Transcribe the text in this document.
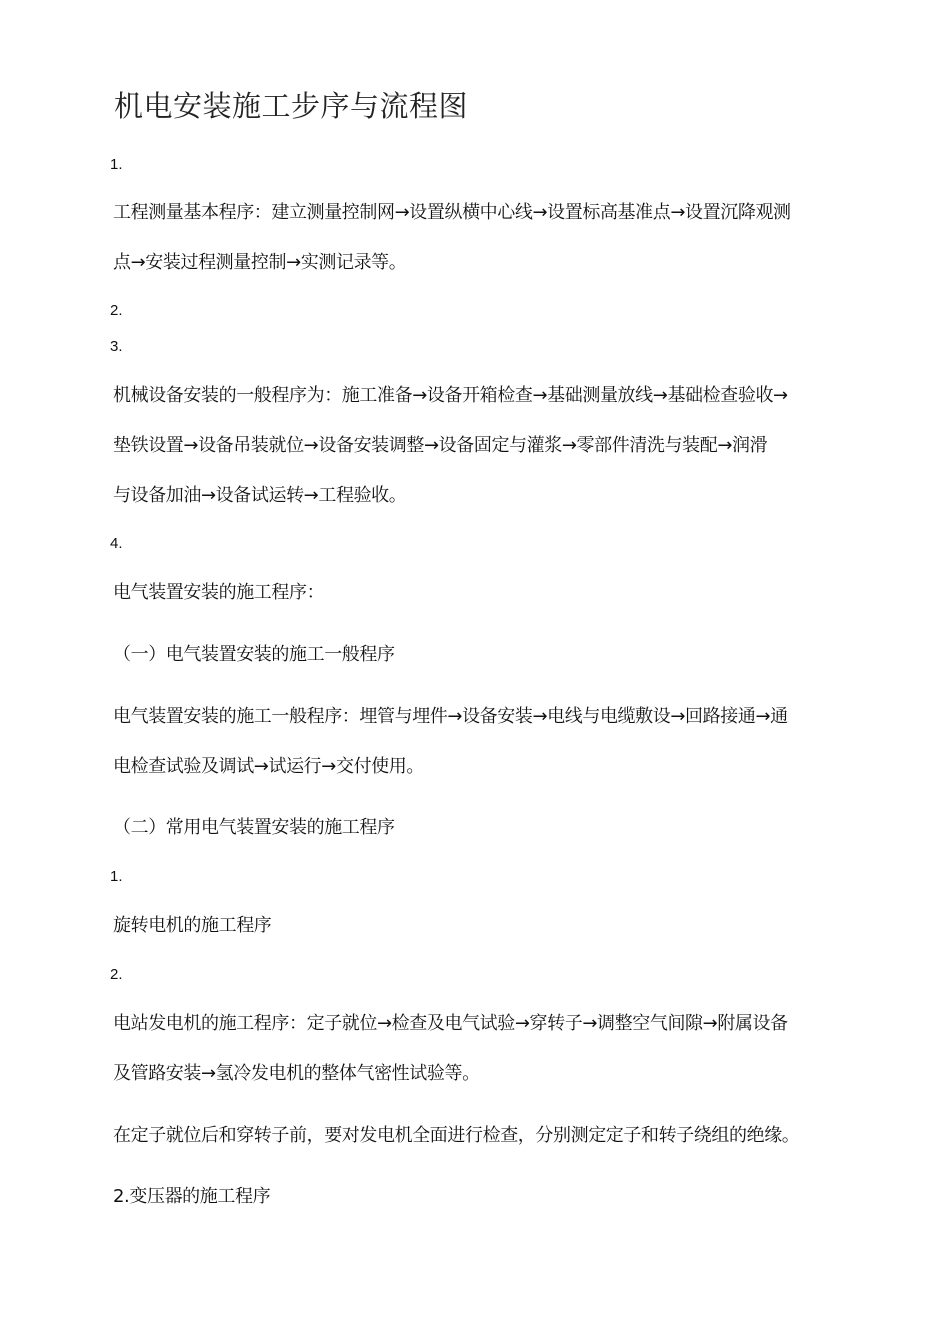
机电安装施工步序与流程图
1.
工程测量基本程序：建立测量控制网→设置纵横中心线→设置标高基准点→设置沉降观测
点→安装过程测量控制→实测记录等。
2.
3.
机械设备安装的一般程序为：施工准备→设备开箱检查→基础测量放线→基础检查验收→
垫铁设置→设备吊装就位→设备安装调整→设备固定与灌浆→零部件清洗与装配→润滑
与设备加油→设备试运转→工程验收。
4.
电气装置安装的施工程序：
（一）电气装置安装的施工一般程序
电气装置安装的施工一般程序：埋管与埋件→设备安装→电线与电缆敷设→回路接通→通
电检查试验及调试→试运行→交付使用。
（二）常用电气装置安装的施工程序
1.
旋转电机的施工程序
2.
电站发电机的施工程序：定子就位→检查及电气试验→穿转子→调整空气间隙→附属设备
及管路安装→氢冷发电机的整体气密性试验等。
在定子就位后和穿转子前，要对发电机全面进行检查，分别测定定子和转子绕组的绝缘。
2.变压器的施工程序
